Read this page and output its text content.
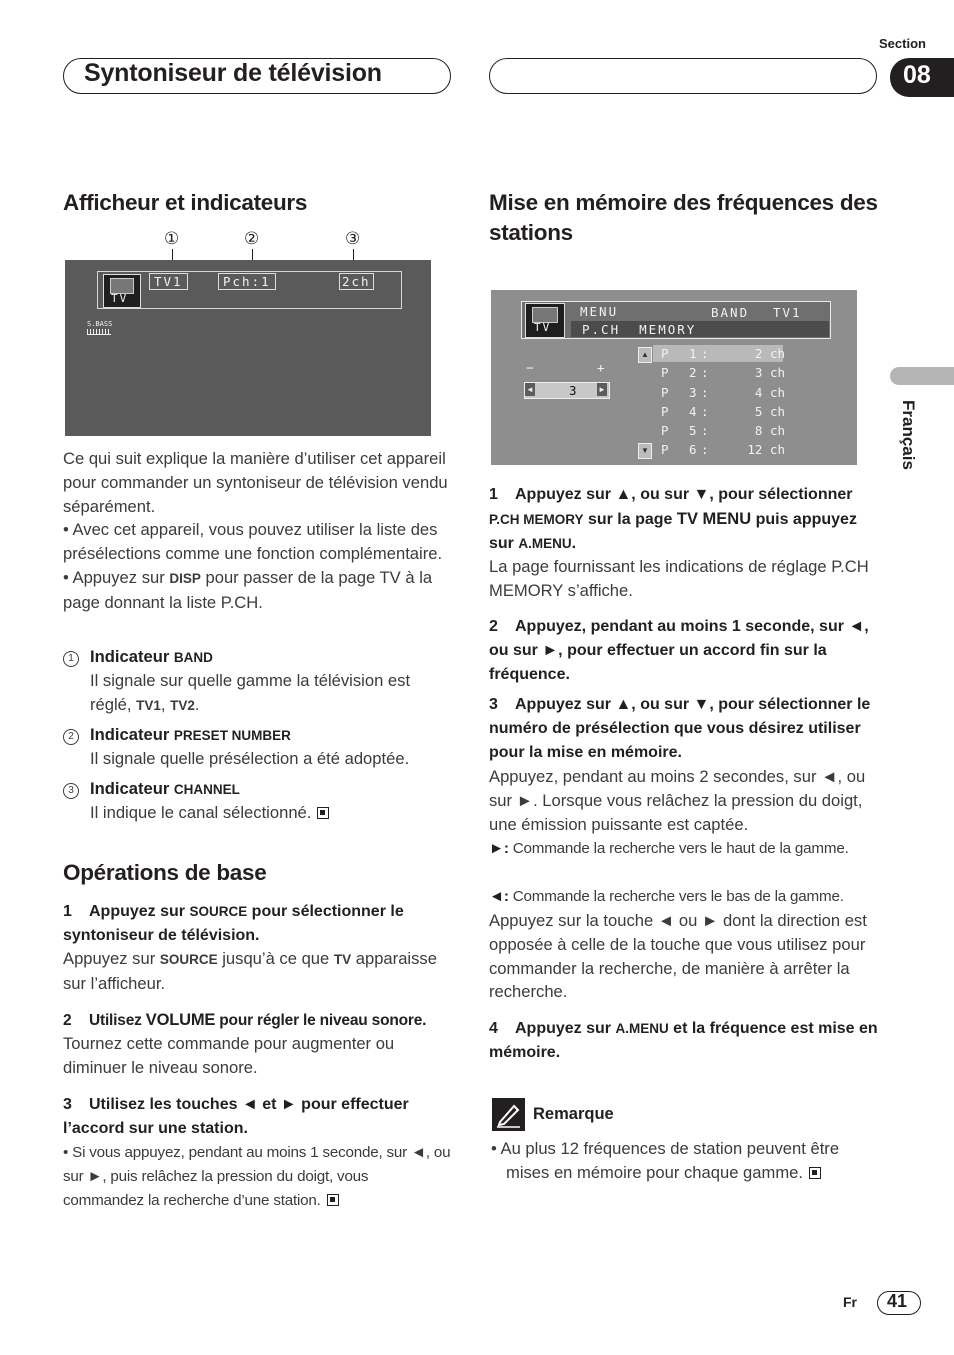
Syntoniseur de télévision
Section
08
Français
Afficheur et indicateurs
①	②	③
TV
TV1	Pch:1	2ch
S.BASS

Ce qui suit explique la manière d’utiliser cet appareil pour commander un syntoniseur de télévision vendu séparément.

• Avec cet appareil, vous pouvez utiliser la liste des présélections comme une fonction complémentaire.

• Appuyez sur DISP pour passer de la page TV à la page donnant la liste P.CH.

1 Indicateur BAND
Il signale sur quelle gamme la télévision est réglé, TV1, TV2.
2 Indicateur PRESET NUMBER
Il signale quelle présélection a été adoptée.
3 Indicateur CHANNEL
Il indique le canal sélectionné.
Opérations de base
1 Appuyez sur SOURCE pour sélectionner le syntoniseur de télévision.
Appuyez sur SOURCE jusqu’à ce que TV apparaisse sur l’afficheur.
2 Utilisez VOLUME pour régler le niveau sonore.
Tournez cette commande pour augmenter ou diminuer le niveau sonore.
3 Utilisez les touches ◄ et ► pour effectuer l’accord sur une station.
• Si vous appuyez, pendant au moins 1 seconde, sur ◄, ou sur ►, puis relâchez la pression du doigt, vous commandez la recherche d’une station.
Mise en mémoire des fréquences des stations
TV
MENU	BAND TV1
P.CH  MEMORY
−	+
◄	►
3
▲
▼
P 1 :	2 ch
P 2 :	3 ch
P 3 :	4 ch
P 4 :	5 ch
P 5 :	8 ch
P 6 :	12 ch
1 Appuyez sur ▲, ou sur ▼, pour sélectionner P.CH MEMORY sur la page TV MENU puis appuyez sur A.MENU.
La page fournissant les indications de réglage P.CH MEMORY s’affiche.
2 Appuyez, pendant au moins 1 seconde, sur ◄, ou sur ►, pour effectuer un accord fin sur la fréquence.
3 Appuyez sur ▲, ou sur ▼, pour sélectionner le numéro de présélection que vous désirez utiliser pour la mise en mémoire.
Appuyez, pendant au moins 2 secondes, sur ◄, ou sur ►. Lorsque vous relâchez la pression du doigt, une émission puissante est captée.
►: Commande la recherche vers le haut de la gamme.
◄: Commande la recherche vers le bas de la gamme.
Appuyez sur la touche ◄ ou ► dont la direction est opposée à celle de la touche que vous utilisez pour commander la recherche, de manière à arrêter la recherche.
4 Appuyez sur A.MENU et la fréquence est mise en mémoire.
Remarque
• Au plus 12 fréquences de station peuvent être mises en mémoire pour chaque gamme.
Fr 41
